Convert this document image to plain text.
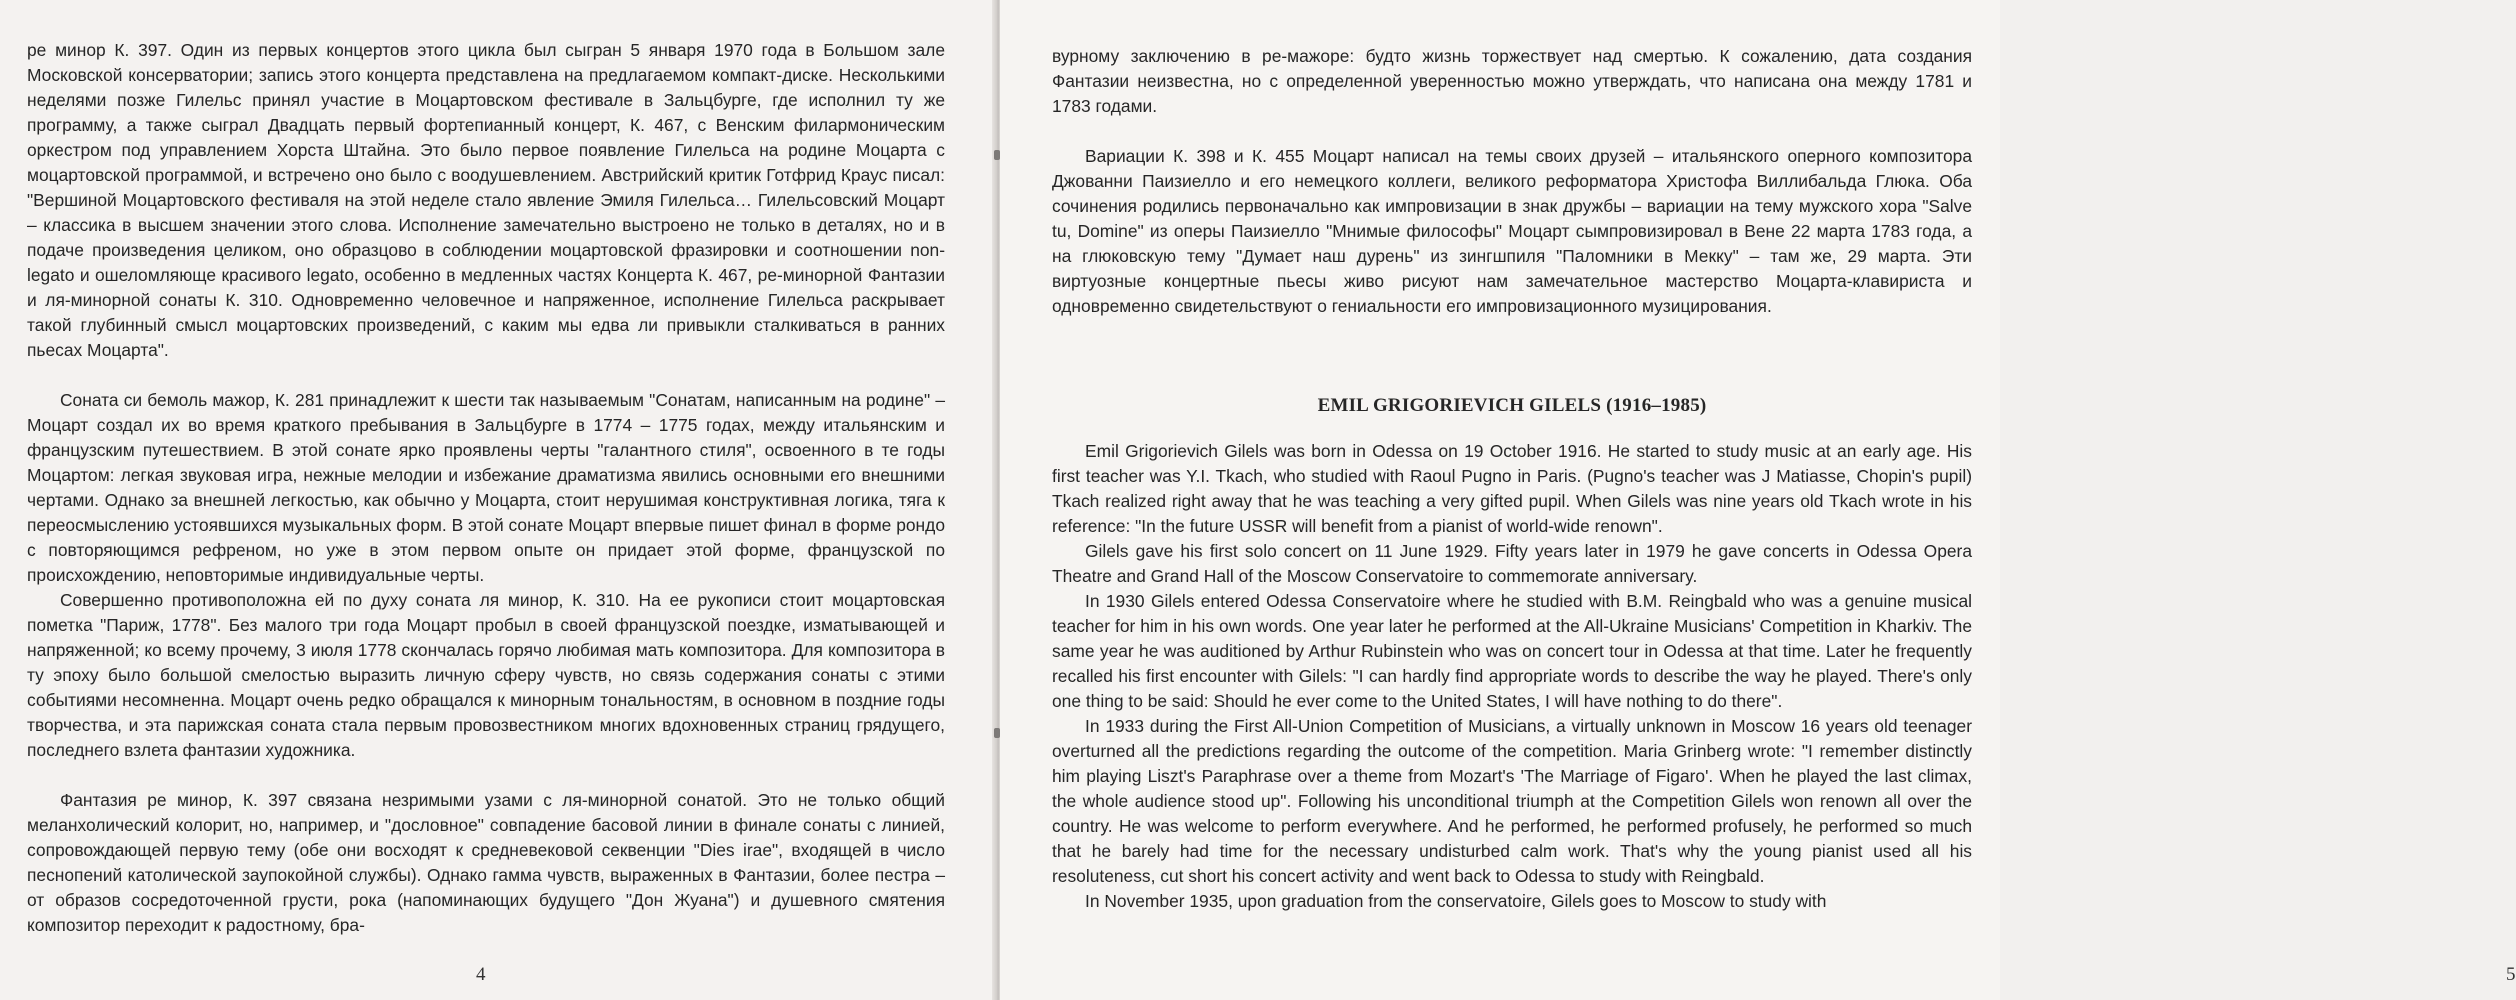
ре минор К. 397. Один из первых концертов этого цикла был сыгран 5 января 1970 года в Большом зале Московской консерватории; запись этого концерта представлена на предлагаемом компакт-диске. Несколькими неделями позже Гилельс принял участие в Моцартовском фестивале в Зальцбурге, где исполнил ту же программу, а также сыграл Двадцать первый фортепианный концерт, К. 467, с Венским филармоническим оркестром под управлением Хорста Штайна. Это было первое появление Гилельса на родине Моцарта с моцартовской программой, и встречено оно было с воодушевлением. Австрийский критик Готфрид Краус писал: "Вершиной Моцартовского фестиваля на этой неделе стало явление Эмиля Гилельса… Гилельсовский Моцарт – классика в высшем значении этого слова. Исполнение замечательно выстроено не только в деталях, но и в подаче произведения целиком, оно образцово в соблюдении моцартовской фразировки и соотношении non-legato и ошеломляюще красивого legato, особенно в медленных частях Концерта К. 467, ре-минорной Фантазии и ля-минорной сонаты К. 310. Одновременно человечное и напряженное, исполнение Гилельса раскрывает такой глубинный смысл моцартовских произведений, с каким мы едва ли привыкли сталкиваться в ранних пьесах Моцарта".

Соната си бемоль мажор, К. 281 принадлежит к шести так называемым "Сонатам, написанным на родине" – Моцарт создал их во время краткого пребывания в Зальцбурге в 1774 – 1775 годах, между итальянским и французским путешествием. В этой сонате ярко проявлены черты "галантного стиля", освоенного в те годы Моцартом: легкая звуковая игра, нежные мелодии и избежание драматизма явились основными его внешними чертами. Однако за внешней легкостью, как обычно у Моцарта, стоит нерушимая конструктивная логика, тяга к переосмыслению устоявшихся музыкальных форм. В этой сонате Моцарт впервые пишет финал в форме рондо с повторяющимся рефреном, но уже в этом первом опыте он придает этой форме, французской по происхождению, неповторимые индивидуальные черты.

Совершенно противоположна ей по духу соната ля минор, К. 310. На ее рукописи стоит моцартовская пометка "Париж, 1778". Без малого три года Моцарт пробыл в своей французской поездке, изматывающей и напряженной; ко всему прочему, 3 июля 1778 скончалась горячо любимая мать композитора. Для композитора в ту эпоху было большой смелостью выразить личную сферу чувств, но связь содержания сонаты с этими событиями несомненна. Моцарт очень редко обращался к минорным тональностям, в основном в поздние годы творчества, и эта парижская соната стала первым провозвестником многих вдохновенных страниц грядущего, последнего взлета фантазии художника.

Фантазия ре минор, К. 397 связана незримыми узами с ля-минорной сонатой. Это не только общий меланхолический колорит, но, например, и "дословное" совпадение басовой линии в финале сонаты с линией, сопровождающей первую тему (обе они восходят к средневековой секвенции "Dies irae", входящей в число песнопений католической заупокойной службы). Однако гамма чувств, выраженных в Фантазии, более пестра – от образов сосредоточенной грусти, рока (напоминающих будущего "Дон Жуана") и душевного смятения композитор переходит к радостному, бра-

4

вурному заключению в ре-мажоре: будто жизнь торжествует над смертью. К сожалению, дата создания Фантазии неизвестна, но с определенной уверенностью можно утверждать, что написана она между 1781 и 1783 годами.

Вариации К. 398 и К. 455 Моцарт написал на темы своих друзей – итальянского оперного композитора Джованни Паизиелло и его немецкого коллеги, великого реформатора Христофа Виллибальда Глюка. Оба сочинения родились первоначально как импровизации в знак дружбы – вариации на тему мужского хора "Salve tu, Domine" из оперы Паизиелло "Мнимые философы" Моцарт сымпровизировал в Вене 22 марта 1783 года, а на глюковскую тему "Думает наш дурень" из зингшпиля "Паломники в Мекку" – там же, 29 марта. Эти виртуозные концертные пьесы живо рисуют нам замечательное мастерство Моцарта-клавириста и одновременно свидетельствуют о гениальности его импровизационного музицирования.

EMIL GRIGORIEVICH GILELS (1916–1985)

Emil Grigorievich Gilels was born in Odessa on 19 October 1916. He started to study music at an early age. His first teacher was Y.I. Tkach, who studied with Raoul Pugno in Paris. (Pugno's teacher was J Matiasse, Chopin's pupil) Tkach realized right away that he was teaching a very gifted pupil. When Gilels was nine years old Tkach wrote in his reference: "In the future USSR will benefit from a pianist of world-wide renown".

Gilels gave his first solo concert on 11 June 1929. Fifty years later in 1979 he gave concerts in Odessa Opera Theatre and Grand Hall of the Moscow Conservatoire to commemorate anniversary.

In 1930 Gilels entered Odessa Conservatoire where he studied with B.M. Reingbald who was a genuine musical teacher for him in his own words. One year later he performed at the All-Ukraine Musicians' Competition in Kharkiv. The same year he was auditioned by Arthur Rubinstein who was on concert tour in Odessa at that time. Later he frequently recalled his first encounter with Gilels: "I can hardly find appropriate words to describe the way he played. There's only one thing to be said: Should he ever come to the United States, I will have nothing to do there".

In 1933 during the First All-Union Competition of Musicians, a virtually unknown in Moscow 16 years old teenager overturned all the predictions regarding the outcome of the competition. Maria Grinberg wrote: "I remember distinctly him playing Liszt's Paraphrase over a theme from Mozart's 'The Marriage of Figaro'. When he played the last climax, the whole audience stood up". Following his unconditional triumph at the Competition Gilels won renown all over the country. He was welcome to perform everywhere. And he performed, he performed profusely, he performed so much that he barely had time for the necessary undisturbed calm work. That's why the young pianist used all his resoluteness, cut short his concert activity and went back to Odessa to study with Reingbald.

In November 1935, upon graduation from the conservatoire, Gilels goes to Moscow to study with

5
